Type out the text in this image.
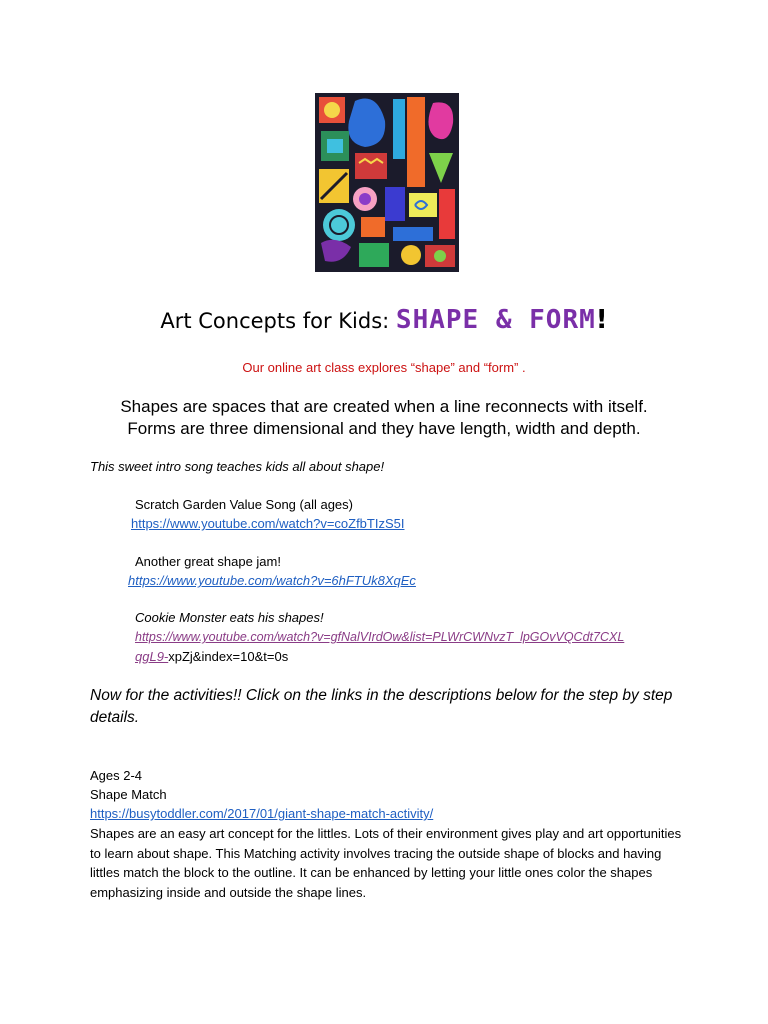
Art Concepts for Kids: SHAPE & FORM!
Our online art class explores “shape” and “form” .
Shapes are spaces that are created when a line reconnects with itself.
Forms are three dimensional and they have length, width and depth.
This sweet intro song teaches kids all about shape!
Scratch Garden Value Song (all ages)
https://www.youtube.com/watch?v=coZfbTIzS5I
Another great shape jam!
https://www.youtube.com/watch?v=6hFTUk8XqEc
Cookie Monster eats his shapes!
https://www.youtube.com/watch?v=gfNalVIrdOw&list=PLWrCWNvzT_lpGOvVQCdt7CXL
qgL9-xpZj&index=10&t=0s
Now for the activities!! Click on the links in the descriptions below for the step by step details.
Ages 2-4
Shape Match
https://busytoddler.com/2017/01/giant-shape-match-activity/
Shapes are an easy art concept for the littles. Lots of their environment gives play and art opportunities to learn about shape. This Matching activity involves tracing the outside shape of blocks and having littles match the block to the outline. It can be enhanced by letting your little ones color the shapes emphasizing inside and outside the shape lines.
